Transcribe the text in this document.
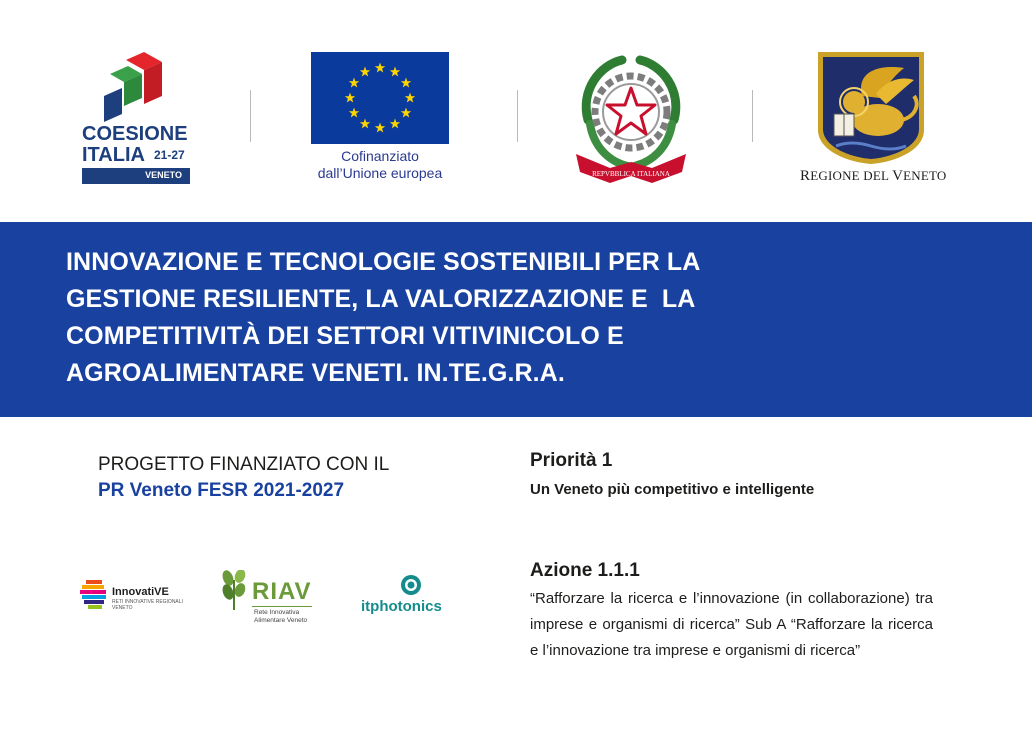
COESIONE
ITALIA 21-27
VENETO
Cofinanziato
dall’Unione europea	REPVBBLICA ITALIANA	REGIONE DEL VENETO
INNOVAZIONE E TECNOLOGIE SOSTENIBILI PER LA
GESTIONE RESILIENTE, LA VALORIZZAZIONE E  LA
COMPETITIVITÀ DEI SETTORI VITIVINICOLO E
AGROALIMENTARE VENETI. IN.TE.G.R.A.
PROGETTO FINANZIATO CON IL
PR Veneto FESR 2021-2027
Priorità 1
Un Veneto più competitivo e intelligente
Azione 1.1.1
“Rafforzare la ricerca e l’innovazione (in collaborazione) tra imprese e organismi di ricerca” Sub A “Rafforzare la ricerca e l’innovazione tra imprese e organismi di ricerca”
InnovatiVE
RETI INNOVATIVE REGIONALI
VENETO
RIAV
Rete Innovativa
Alimentare Veneto
itphotonics
